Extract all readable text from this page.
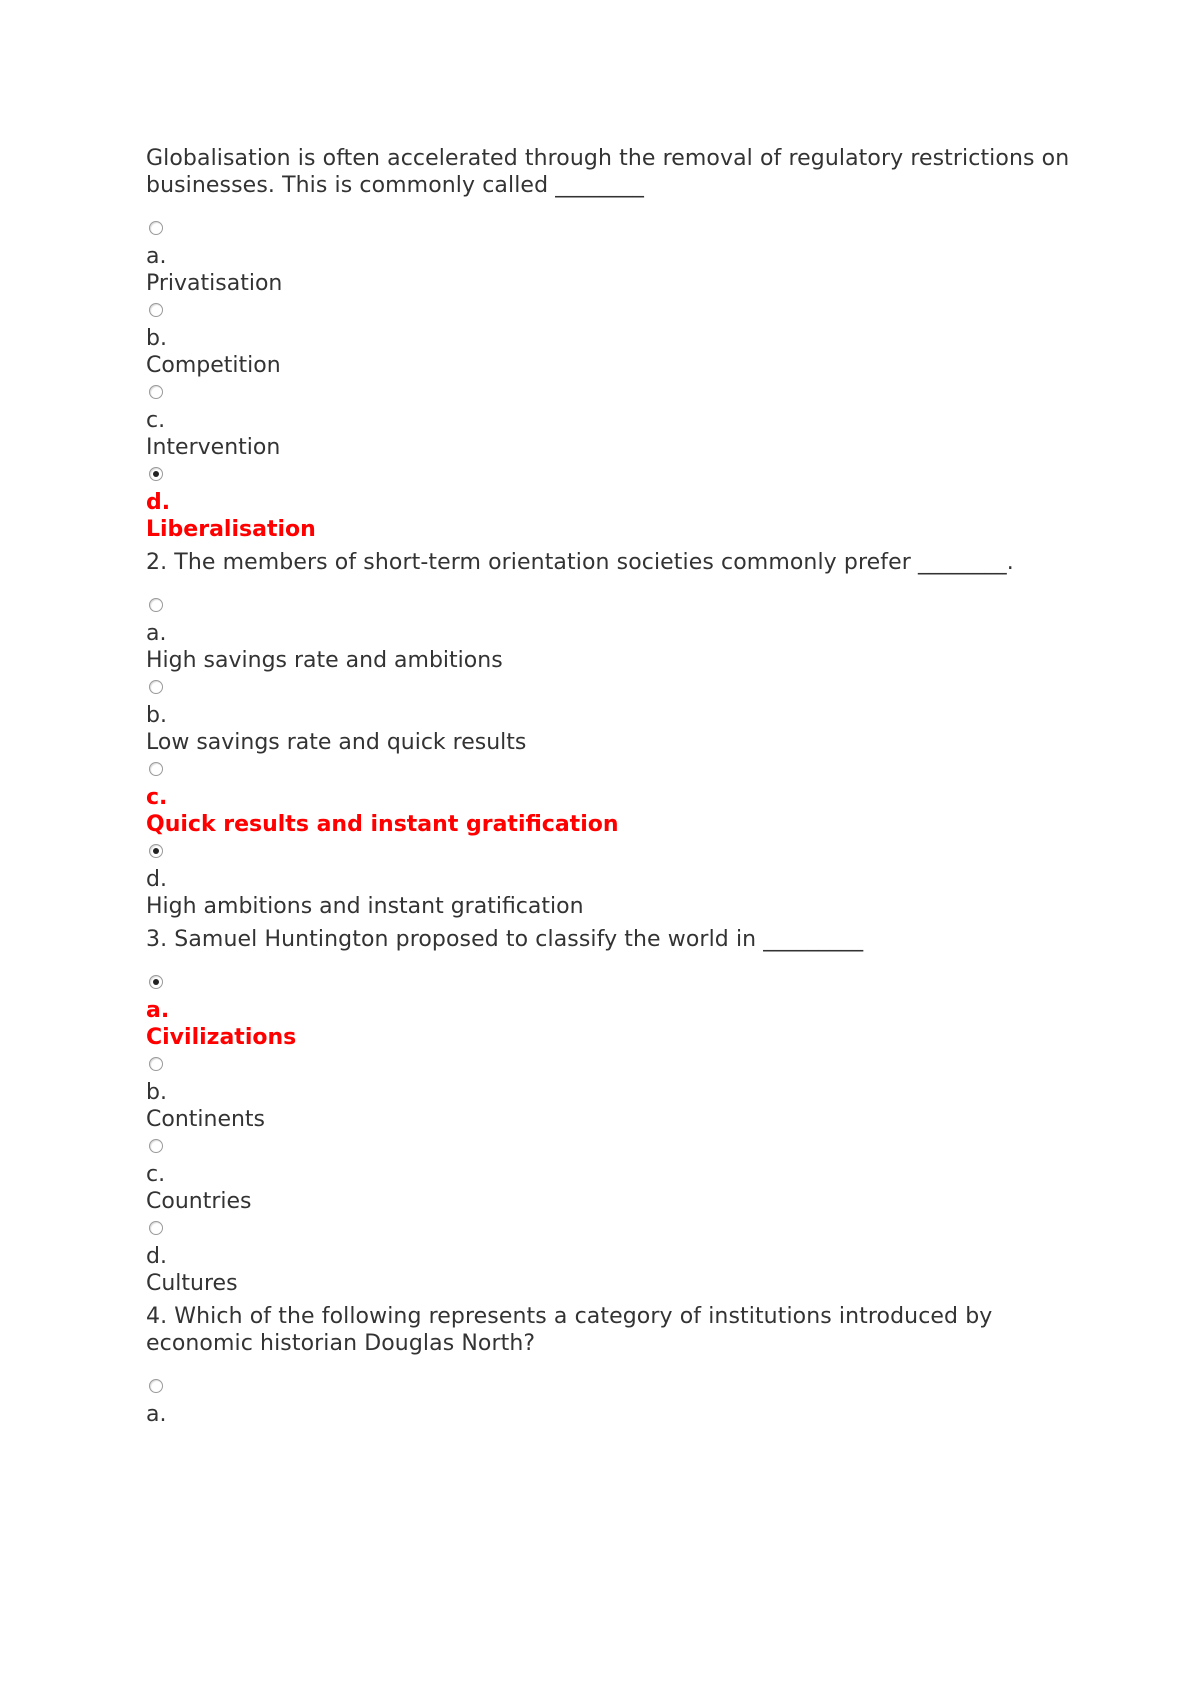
Globalisation is often accelerated through the removal of regulatory restrictions on businesses. This is commonly called ________
a.
Privatisation
b.
Competition
c.
Intervention
d.
Liberalisation
2. The members of short-term orientation societies commonly prefer ________.
a.
High savings rate and ambitions
b.
Low savings rate and quick results
c.
Quick results and instant gratification
d.
High ambitions and instant gratification
3. Samuel Huntington proposed to classify the world in _________
a.
Civilizations
b.
Continents
c.
Countries
d.
Cultures
4. Which of the following represents a category of institutions introduced by economic historian Douglas North?
a.
